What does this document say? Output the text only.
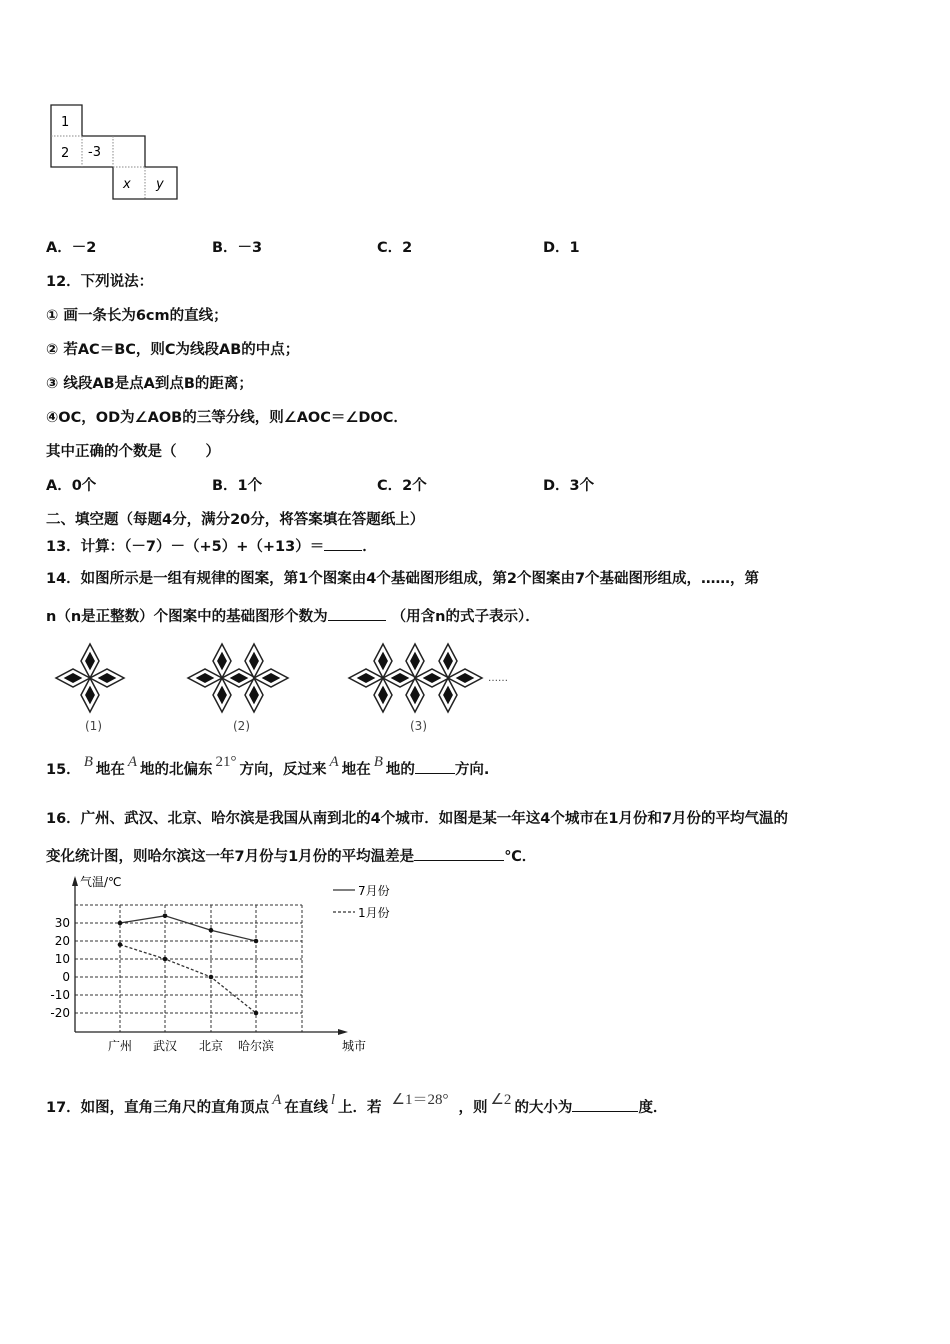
1
2 -3
x y
A．－2	B．－3	C．2	D．1
12．下列说法：
① 画一条长为6cm的直线；
② 若AC＝BC，则C为线段AB的中点；
③ 线段AB是点A到点B的距离；
④OC，OD为∠AOB的三等分线，则∠AOC＝∠DOC．
其中正确的个数是（　　）
A．0个	B．1个	C．2个	D．3个
二、填空题（每题4分，满分20分，将答案填在答题纸上）
13．计算：（－7）－（+5）+（+13）＝	．
14．如图所示是一组有规律的图案，第1个图案由4个基础图形组成，第2个图案由7个基础图形组成，……，第
n（n是正整数）个图案中的基础图形个数为	（用含n的式子表示）．
(1)	(2)	(3)
……
15． B 地在 A 地的北偏东 21° 方向，反过来 A 地在 B 地的	方向.
16．广州、武汉、北京、哈尔滨是我国从南到北的4个城市．如图是某一年这4个城市在1月份和7月份的平均气温的
变化统计图，则哈尔滨这一年7月份与1月份的平均温差是	℃．
气温/℃
城市
30
20
10
0
-10
-20
广州 武汉 北京 哈尔滨
7月份
1月份
17．如图，直角三角尺的直角顶点 A 在直线 l 上．若 ∠1＝28° ，则 ∠2 的大小为	度．
